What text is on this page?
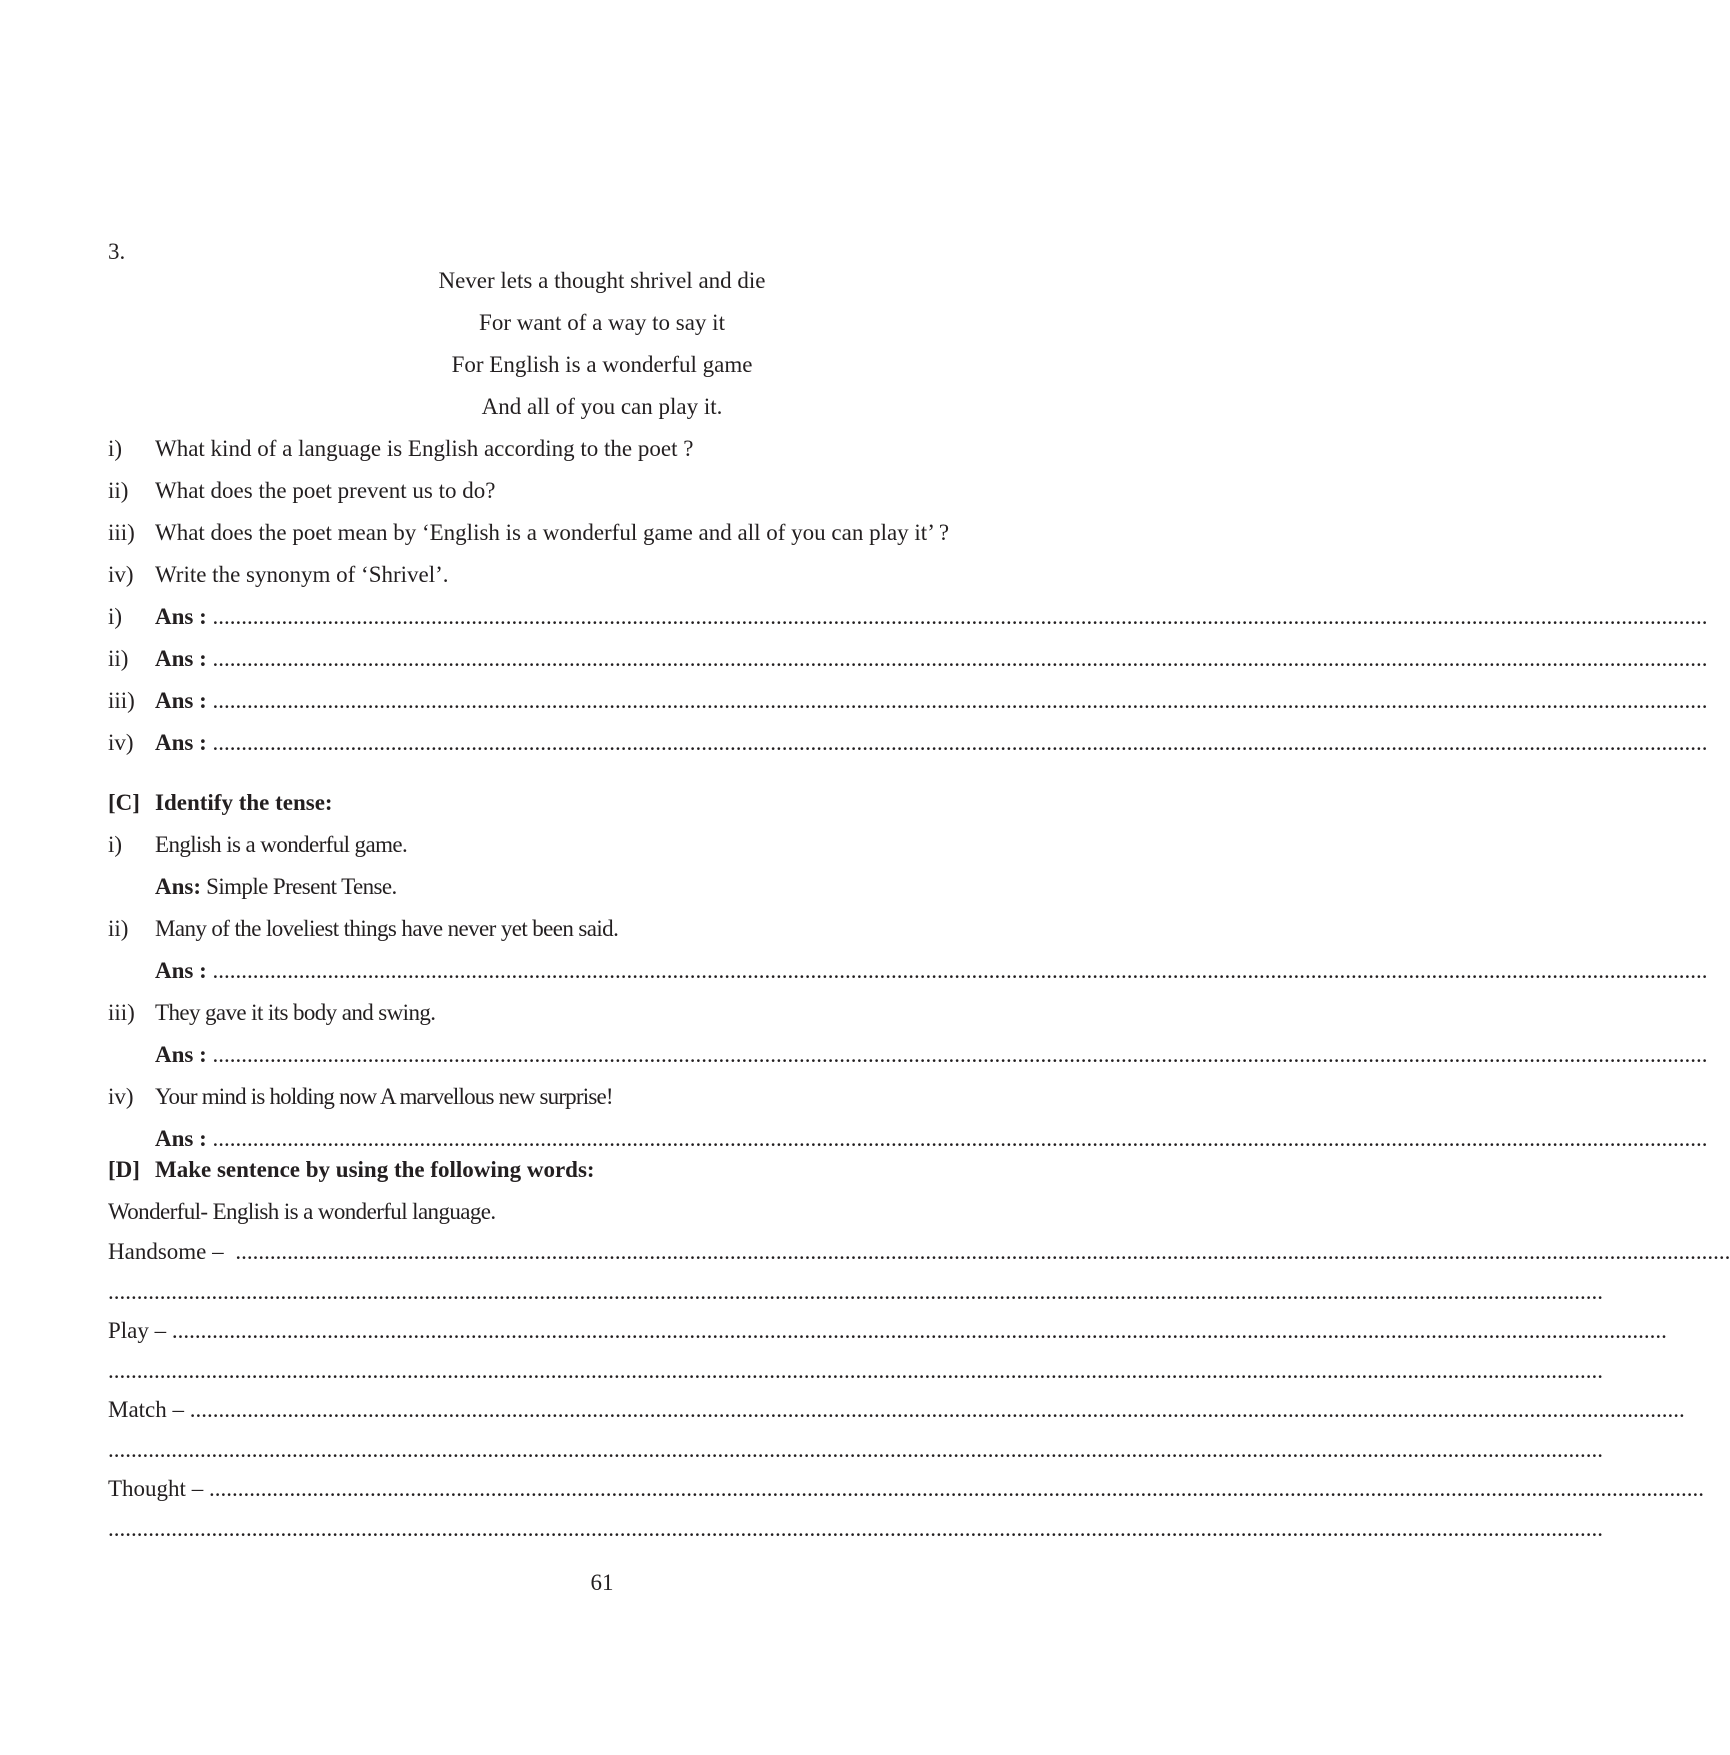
3.
Never lets a thought shrivel and die
For want of a way to say it
For English is a wonderful game
And all of you can play it.
i) What kind of a language is English according to the poet ?
ii) What does the poet prevent us to do?
iii) What does the poet mean by ‘English is a wonderful game and all of you can play it’ ?
iv) Write the synonym of ‘Shrivel’.
i) Ans : ....................................................................................................................................................................................................................................................................
ii) Ans : ....................................................................................................................................................................................................................................................................
iii) Ans : ....................................................................................................................................................................................................................................................................
iv) Ans : ....................................................................................................................................................................................................................................................................
[C] Identify the tense:
i) English is a wonderful game.
Ans: Simple Present Tense.
ii) Many of the loveliest things have never yet been said.
Ans : ....................................................................................................................................................................................................................................................................
iii) They gave it its body and swing.
Ans : ....................................................................................................................................................................................................................................................................
iv) Your mind is holding now A marvellous new surprise!
Ans : ....................................................................................................................................................................................................................................................................
[D] Make sentence by using the following words:
Wonderful- English is a wonderful language.
Handsome – ....................................................................................................................................................................................................................................................................
....................................................................................................................................................................................................................................................................
Play – ....................................................................................................................................................................................................................................................................
....................................................................................................................................................................................................................................................................
Match – ....................................................................................................................................................................................................................................................................
....................................................................................................................................................................................................................................................................
Thought – ....................................................................................................................................................................................................................................................................
....................................................................................................................................................................................................................................................................
61
